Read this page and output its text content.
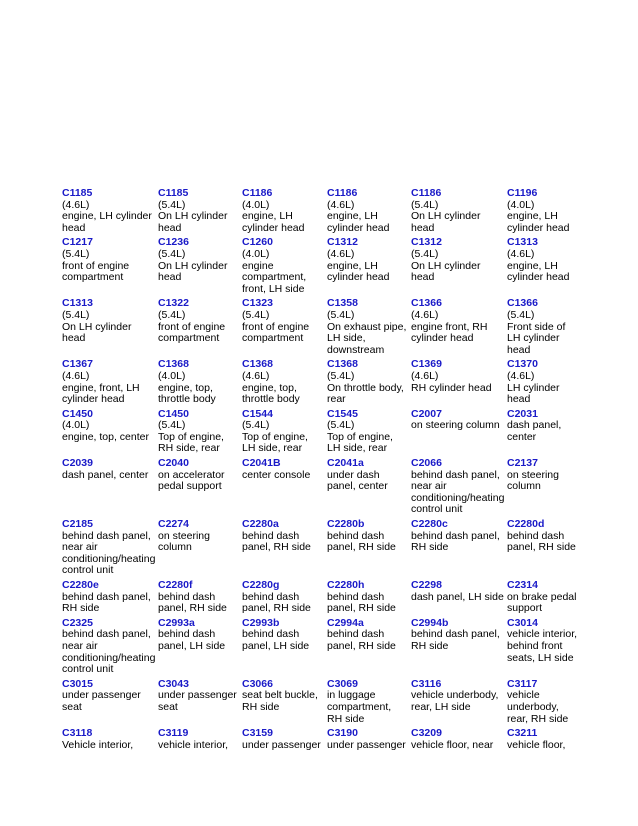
C1185
(4.6L)
engine, LH cylinder
head
C1185
(5.4L)
On LH cylinder
head
C1186
(4.0L)
engine, LH
cylinder head
C1186
(4.6L)
engine, LH
cylinder head
C1186
(5.4L)
On LH cylinder
head
C1196
(4.0L)
engine, LH
cylinder head
C1217
(5.4L)
front of engine
compartment
C1236
(5.4L)
On LH cylinder
head
C1260
(4.0L)
engine
compartment,
front, LH side
C1312
(4.6L)
engine, LH
cylinder head
C1312
(5.4L)
On LH cylinder
head
C1313
(4.6L)
engine, LH
cylinder head
C1313
(5.4L)
On LH cylinder
head
C1322
(5.4L)
front of engine
compartment
C1323
(5.4L)
front of engine
compartment
C1358
(5.4L)
On exhaust pipe,
LH side,
downstream
C1366
(4.6L)
engine front, RH
cylinder head
C1366
(5.4L)
Front side of
LH cylinder
head
C1367
(4.6L)
engine, front, LH
cylinder head
C1368
(4.0L)
engine, top,
throttle body
C1368
(4.6L)
engine, top,
throttle body
C1368
(5.4L)
On throttle body,
rear
C1369
(4.6L)
RH cylinder head
C1370
(4.6L)
LH cylinder
head
C1450
(4.0L)
engine, top, center
C1450
(5.4L)
Top of engine,
RH side, rear
C1544
(5.4L)
Top of engine,
LH side, rear
C1545
(5.4L)
Top of engine,
LH side, rear
C2007
on steering column
C2031
dash panel,
center
C2039
dash panel, center
C2040
on accelerator
pedal support
C2041B
center console
C2041a
under dash
panel, center
C2066
behind dash panel,
near air
conditioning/heating
control unit
C2137
on steering
column
C2185
behind dash panel,
near air
conditioning/heating
control unit
C2274
on steering
column
C2280a
behind dash
panel, RH side
C2280b
behind dash
panel, RH side
C2280c
behind dash panel,
RH side
C2280d
behind dash
panel, RH side
C2280e
behind dash panel,
RH side
C2280f
behind dash
panel, RH side
C2280g
behind dash
panel, RH side
C2280h
behind dash
panel, RH side
C2298
dash panel, LH side
C2314
on brake pedal
support
C2325
behind dash panel,
near air
conditioning/heating
control unit
C2993a
behind dash
panel, LH side
C2993b
behind dash
panel, LH side
C2994a
behind dash
panel, RH side
C2994b
behind dash panel,
RH side
C3014
vehicle interior,
behind front
seats, LH side
C3015
under passenger
seat
C3043
under passenger
seat
C3066
seat belt buckle,
RH side
C3069
in luggage
compartment,
RH side
C3116
vehicle underbody,
rear, LH side
C3117
vehicle
underbody,
rear, RH side
C3118
Vehicle interior,
C3119
vehicle interior,
C3159
under passenger
C3190
under passenger
C3209
vehicle floor, near
C3211
vehicle floor,
